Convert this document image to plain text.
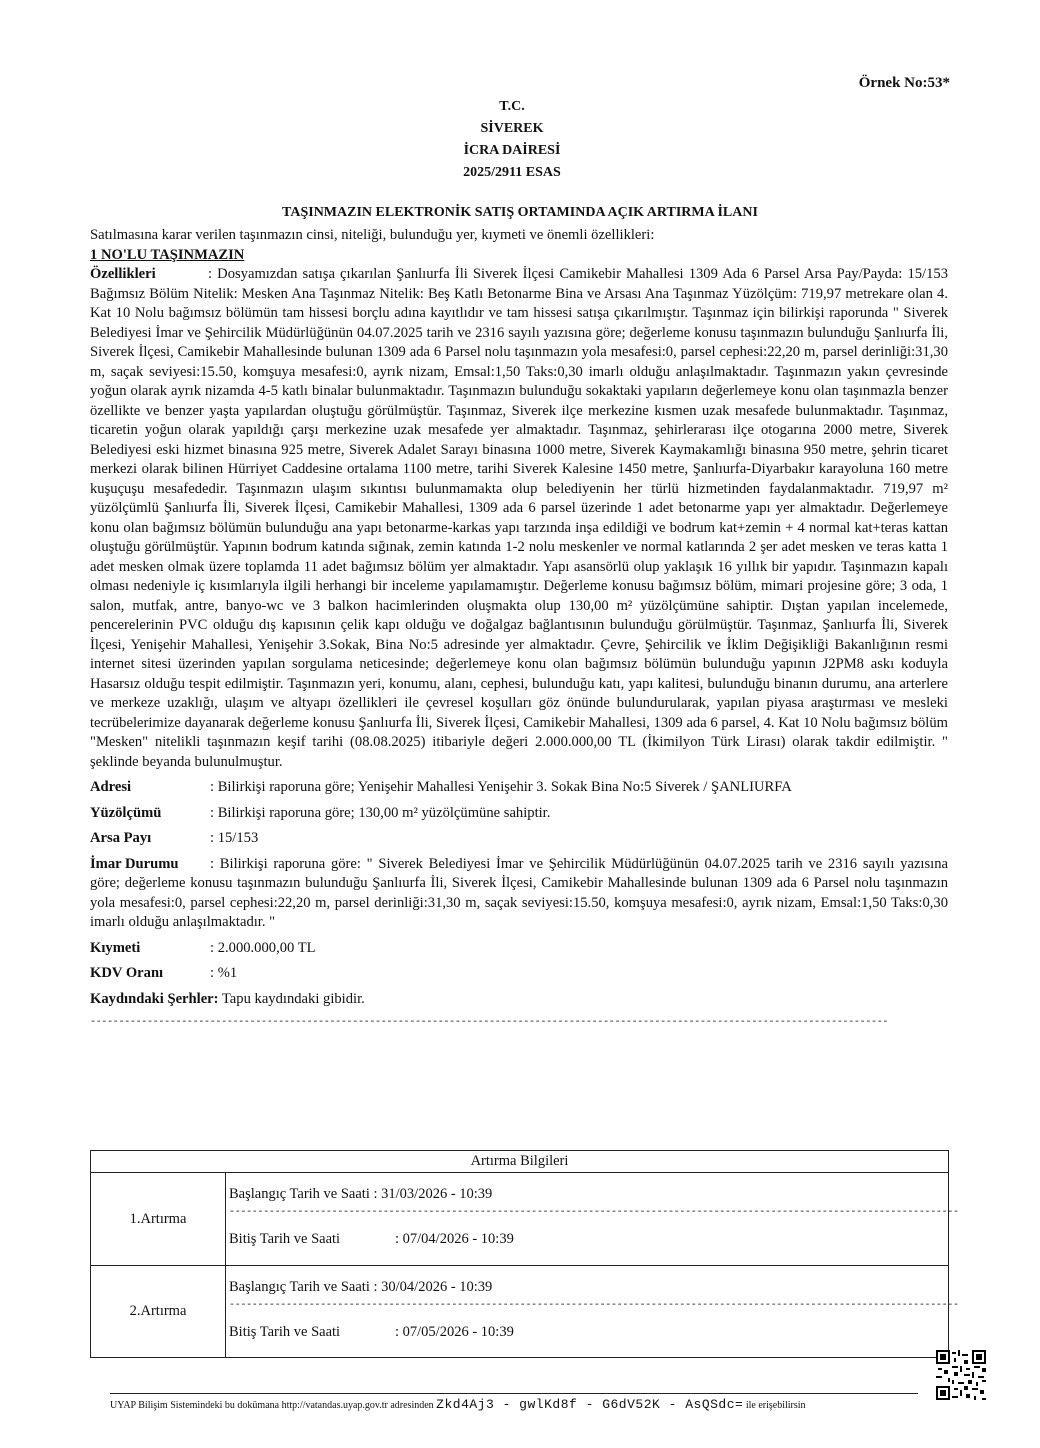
Örnek No:53*
T.C.
SİVEREK
İCRA DAİRESİ
2025/2911 ESAS
TAŞINMAZIN ELEKTRONİK SATIŞ ORTAMINDA AÇIK ARTIRMA İLANI

Satılmasına karar verilen taşınmazın cinsi, niteliği, bulunduğu yer, kıymeti ve önemli özellikleri:

1 NO'LU TAŞINMAZIN

Özellikleri	: Dosyamızdan satışa çıkarılan Şanlıurfa İli Siverek İlçesi Camikebir Mahallesi 1309 Ada 6 Parsel Arsa Pay/Payda: 15/153 Bağımsız Bölüm Nitelik: Mesken Ana Taşınmaz Nitelik: Beş Katlı Betonarme Bina ve Arsası Ana Taşınmaz Yüzölçüm: 719,97 metrekare olan 4. Kat 10 Nolu bağımsız bölümün tam hissesi borçlu adına kayıtlıdır ve tam hissesi satışa çıkarılmıştır. Taşınmaz için bilirkişi raporunda " Siverek Belediyesi İmar ve Şehircilik Müdürlüğünün 04.07.2025 tarih ve 2316 sayılı yazısına göre; değerleme konusu taşınmazın bulunduğu Şanlıurfa İli, Siverek İlçesi, Camikebir Mahallesinde bulunan 1309 ada 6 Parsel nolu taşınmazın yola mesafesi:0, parsel cephesi:22,20 m, parsel derinliği:31,30 m, saçak seviyesi:15.50, komşuya mesafesi:0, ayrık nizam, Emsal:1,50 Taks:0,30 imarlı olduğu anlaşılmaktadır. Taşınmazın yakın çevresinde yoğun olarak ayrık nizamda 4-5 katlı binalar bulunmaktadır. Taşınmazın bulunduğu sokaktaki yapıların değerlemeye konu olan taşınmazla benzer özellikte ve benzer yaşta yapılardan oluştuğu görülmüştür. Taşınmaz, Siverek ilçe merkezine kısmen uzak mesafede bulunmaktadır. Taşınmaz, ticaretin yoğun olarak yapıldığı çarşı merkezine uzak mesafede yer almaktadır. Taşınmaz, şehirlerarası ilçe otogarına 2000 metre, Siverek Belediyesi eski hizmet binasına 925 metre, Siverek Adalet Sarayı binasına 1000 metre, Siverek Kaymakamlığı binasına 950 metre, şehrin ticaret merkezi olarak bilinen Hürriyet Caddesine ortalama 1100 metre, tarihi Siverek Kalesine 1450 metre, Şanlıurfa-Diyarbakır karayoluna 160 metre kuşuçuşu mesafededir. Taşınmazın ulaşım sıkıntısı bulunmamakta olup belediyenin her türlü hizmetinden faydalanmaktadır. 719,97 m² yüzölçümlü Şanlıurfa İli, Siverek İlçesi, Camikebir Mahallesi, 1309 ada 6 parsel üzerinde 1 adet betonarme yapı yer almaktadır. Değerlemeye konu olan bağımsız bölümün bulunduğu ana yapı betonarme-karkas yapı tarzında inşa edildiği ve bodrum kat+zemin + 4 normal kat+teras kattan oluştuğu görülmüştür. Yapının bodrum katında sığınak, zemin katında 1-2 nolu meskenler ve normal katlarında 2 şer adet mesken ve teras katta 1 adet mesken olmak üzere toplamda 11 adet bağımsız bölüm yer almaktadır. Yapı asansörlü olup yaklaşık 16 yıllık bir yapıdır. Taşınmazın kapalı olması nedeniyle iç kısımlarıyla ilgili herhangi bir inceleme yapılamamıştır. Değerleme konusu bağımsız bölüm, mimari projesine göre; 3 oda, 1 salon, mutfak, antre, banyo-wc ve 3 balkon hacimlerinden oluşmakta olup 130,00 m² yüzölçümüne sahiptir. Dıştan yapılan incelemede, pencerelerinin PVC olduğu dış kapısının çelik kapı olduğu ve doğalgaz bağlantısının bulunduğu görülmüştür. Taşınmaz, Şanlıurfa İli, Siverek İlçesi, Yenişehir Mahallesi, Yenişehir 3.Sokak, Bina No:5 adresinde yer almaktadır. Çevre, Şehircilik ve İklim Değişikliği Bakanlığının resmi internet sitesi üzerinden yapılan sorgulama neticesinde; değerlemeye konu olan bağımsız bölümün bulunduğu yapının J2PM8 askı koduyla Hasarsız olduğu tespit edilmiştir. Taşınmazın yeri, konumu, alanı, cephesi, bulunduğu katı, yapı kalitesi, bulunduğu binanın durumu, ana arterlere ve merkeze uzaklığı, ulaşım ve altyapı özellikleri ile çevresel koşulları göz önünde bulundurularak, yapılan piyasa araştırması ve mesleki tecrübelerimize dayanarak değerleme konusu Şanlıurfa İli, Siverek İlçesi, Camikebir Mahallesi, 1309 ada 6 parsel, 4. Kat 10 Nolu bağımsız bölüm "Mesken" nitelikli taşınmazın keşif tarihi (08.08.2025) itibariyle değeri 2.000.000,00 TL (İkimilyon Türk Lirası) olarak takdir edilmiştir. " şeklinde beyanda bulunulmuştur.

Adresi	: Bilirkişi raporuna göre; Yenişehir Mahallesi Yenişehir 3. Sokak Bina No:5 Siverek / ŞANLIURFA

Yüzölçümü	: Bilirkişi raporuna göre; 130,00 m² yüzölçümüne sahiptir.

Arsa Payı	: 15/153

İmar Durumu : Bilirkişi raporuna göre: " Siverek Belediyesi İmar ve Şehircilik Müdürlüğünün 04.07.2025 tarih ve 2316 sayılı yazısına göre; değerleme konusu taşınmazın bulunduğu Şanlıurfa İli, Siverek İlçesi, Camikebir Mahallesinde bulunan 1309 ada 6 Parsel nolu taşınmazın yola mesafesi:0, parsel cephesi:22,20 m, parsel derinliği:31,30 m, saçak seviyesi:15.50, komşuya mesafesi:0, ayrık nizam, Emsal:1,50 Taks:0,30 imarlı olduğu anlaşılmaktadır. "

Kıymeti	: 2.000.000,00 TL

KDV Oranı	: %1

Kaydındaki Şerhler: Tapu kaydındaki gibidir.

--------------------------------------------------------------------------------------------------------------------------------------------
Artırma Bilgileri
1.Artırma
Başlangıç Tarih ve Saati : 31/03/2026 - 10:39
--------------------------------------------------------------------------------------------------------------------------------
Bitiş Tarih ve Saati	: 07/04/2026 - 10:39
2.Artırma
Başlangıç Tarih ve Saati : 30/04/2026 - 10:39
--------------------------------------------------------------------------------------------------------------------------------
Bitiş Tarih ve Saati	: 07/05/2026 - 10:39
UYAP Bilişim Sistemindeki bu dokümana http://vatandas.uyap.gov.tr adresinden Zkd4Aj3 - gwlKd8f - G6dV52K - AsQSdc= ile erişebilirsin
